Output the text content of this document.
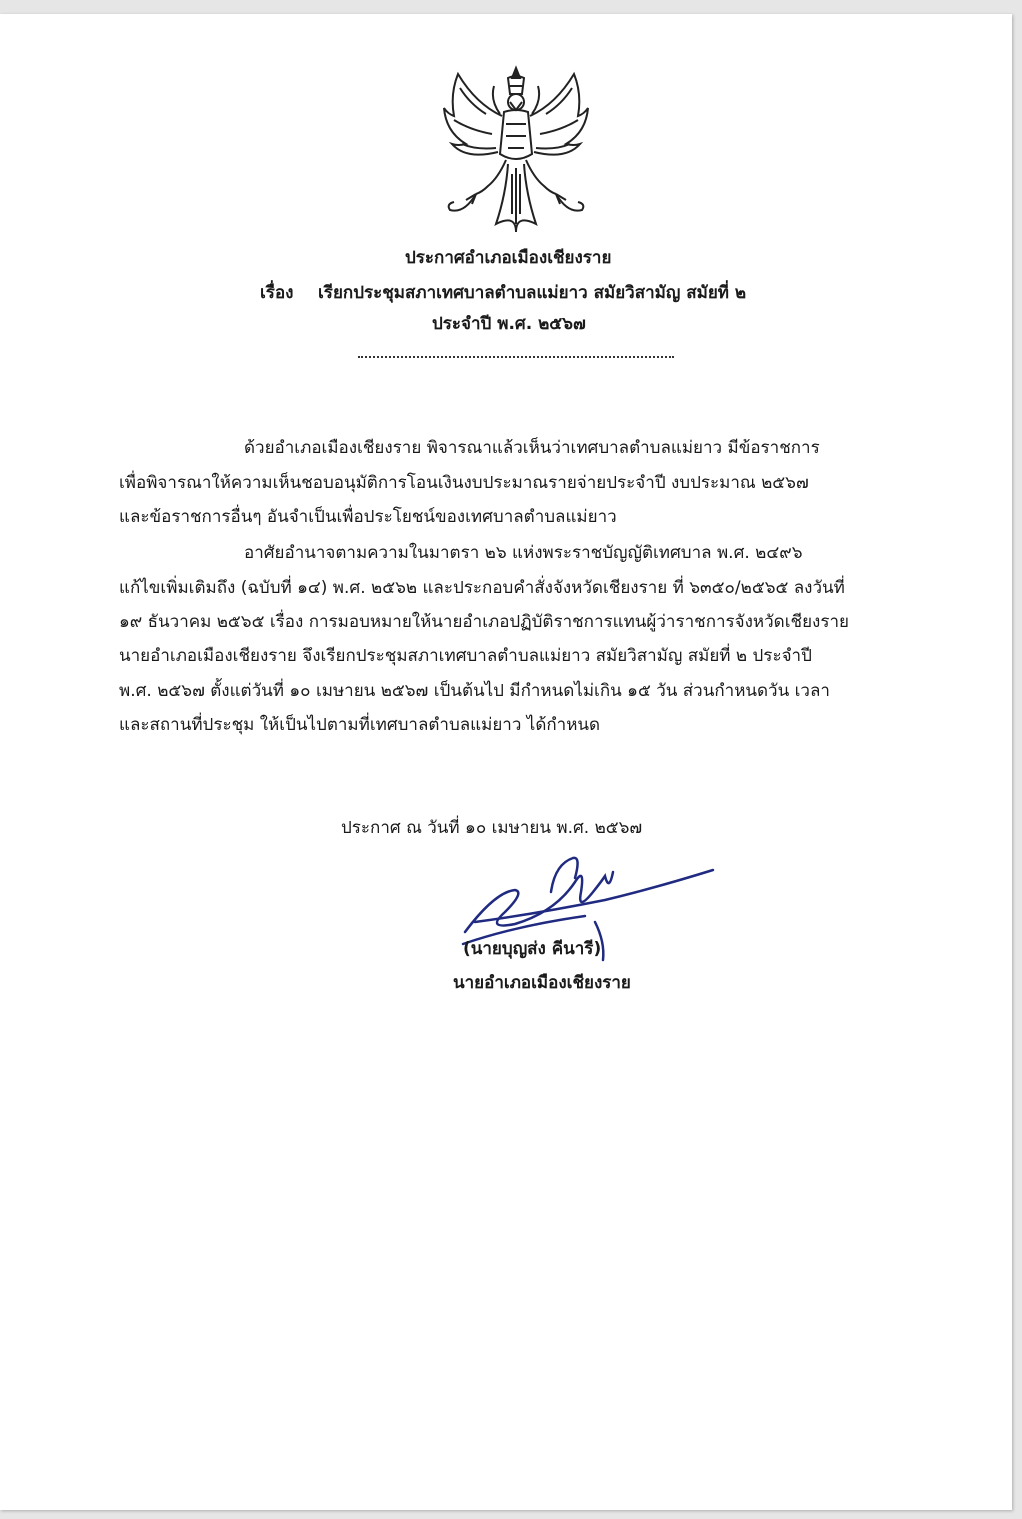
ประกาศอำเภอเมืองเชียงราย
เรื่อง เรียกประชุมสภาเทศบาลตำบลแม่ยาว สมัยวิสามัญ สมัยที่ ๒
ประจำปี พ.ศ. ๒๕๖๗
ด้วยอำเภอเมืองเชียงราย พิจารณาแล้วเห็นว่าเทศบาลตำบลแม่ยาว มีข้อราชการ
เพื่อพิจารณาให้ความเห็นชอบอนุมัติการโอนเงินงบประมาณรายจ่ายประจำปี งบประมาณ ๒๕๖๗
และข้อราชการอื่นๆ อันจำเป็นเพื่อประโยชน์ของเทศบาลตำบลแม่ยาว
อาศัยอำนาจตามความในมาตรา ๒๖ แห่งพระราชบัญญัติเทศบาล พ.ศ. ๒๔๙๖
แก้ไขเพิ่มเติมถึง (ฉบับที่ ๑๔) พ.ศ. ๒๕๖๒ และประกอบคำสั่งจังหวัดเชียงราย ที่ ๖๓๕๐/๒๕๖๕ ลงวันที่
๑๙ ธันวาคม ๒๕๖๕ เรื่อง การมอบหมายให้นายอำเภอปฏิบัติราชการแทนผู้ว่าราชการจังหวัดเชียงราย
นายอำเภอเมืองเชียงราย จึงเรียกประชุมสภาเทศบาลตำบลแม่ยาว สมัยวิสามัญ สมัยที่ ๒ ประจำปี
พ.ศ. ๒๕๖๗ ตั้งแต่วันที่ ๑๐ เมษายน ๒๕๖๗ เป็นต้นไป มีกำหนดไม่เกิน ๑๕ วัน ส่วนกำหนดวัน เวลา
และสถานที่ประชุม ให้เป็นไปตามที่เทศบาลตำบลแม่ยาว ได้กำหนด
ประกาศ ณ วันที่ ๑๐ เมษายน พ.ศ. ๒๕๖๗
(นายบุญส่ง คีนารี)
นายอำเภอเมืองเชียงราย
